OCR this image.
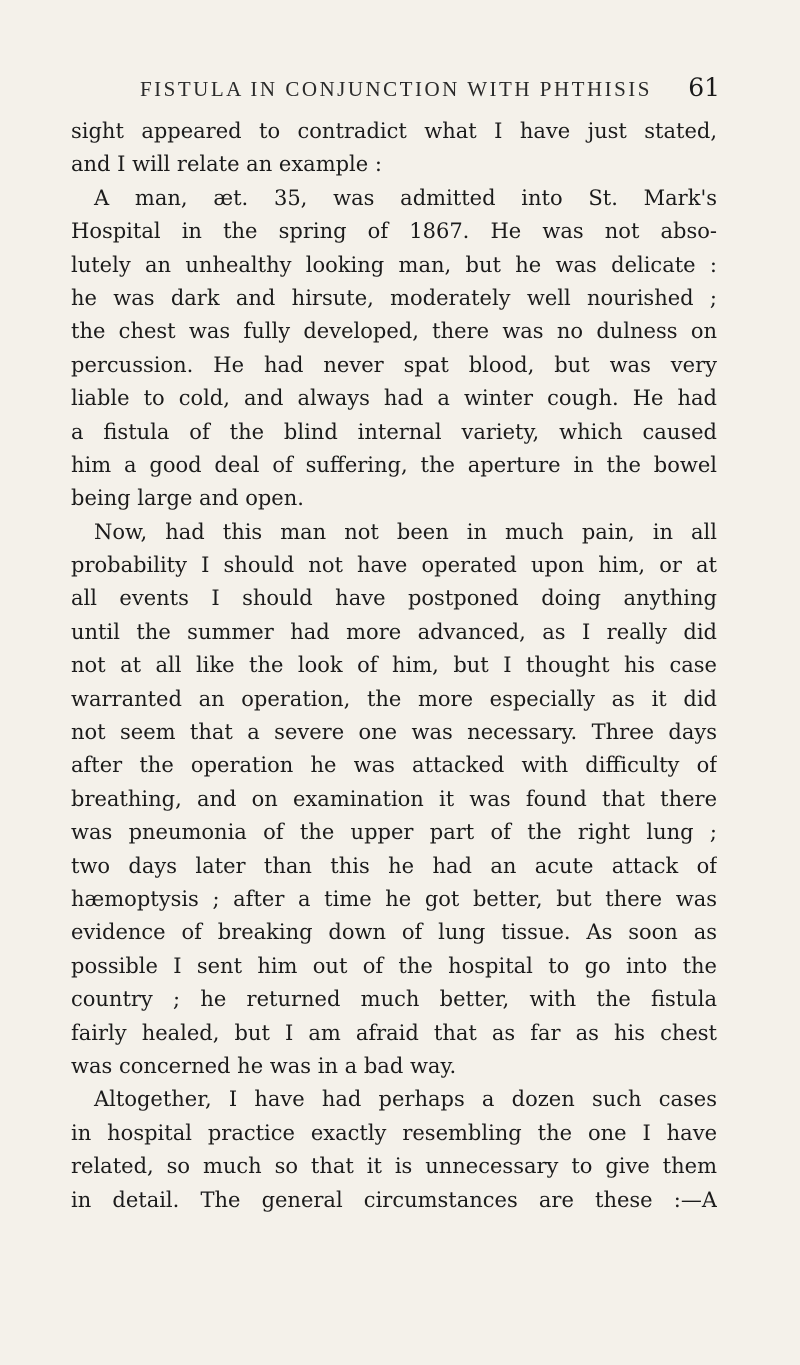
FISTULA IN CONJUNCTION WITH PHTHISIS 61
sight appeared to contradict what I have just stated,
and I will relate an example :
A man, æt. 35, was admitted into St. Mark's
Hospital in the spring of 1867. He was not abso-
lutely an unhealthy looking man, but he was delicate :
he was dark and hirsute, moderately well nourished ;
the chest was fully developed, there was no dulness on
percussion. He had never spat blood, but was very
liable to cold, and always had a winter cough. He had
a fistula of the blind internal variety, which caused
him a good deal of suffering, the aperture in the bowel
being large and open.
Now, had this man not been in much pain, in all
probability I should not have operated upon him, or at
all events I should have postponed doing anything
until the summer had more advanced, as I really did
not at all like the look of him, but I thought his case
warranted an operation, the more especially as it did
not seem that a severe one was necessary. Three days
after the operation he was attacked with difficulty of
breathing, and on examination it was found that there
was pneumonia of the upper part of the right lung ;
two days later than this he had an acute attack of
hæmoptysis ; after a time he got better, but there was
evidence of breaking down of lung tissue. As soon as
possible I sent him out of the hospital to go into the
country ; he returned much better, with the fistula
fairly healed, but I am afraid that as far as his chest
was concerned he was in a bad way.
Altogether, I have had perhaps a dozen such cases
in hospital practice exactly resembling the one I have
related, so much so that it is unnecessary to give them
in detail. The general circumstances are these :—A
